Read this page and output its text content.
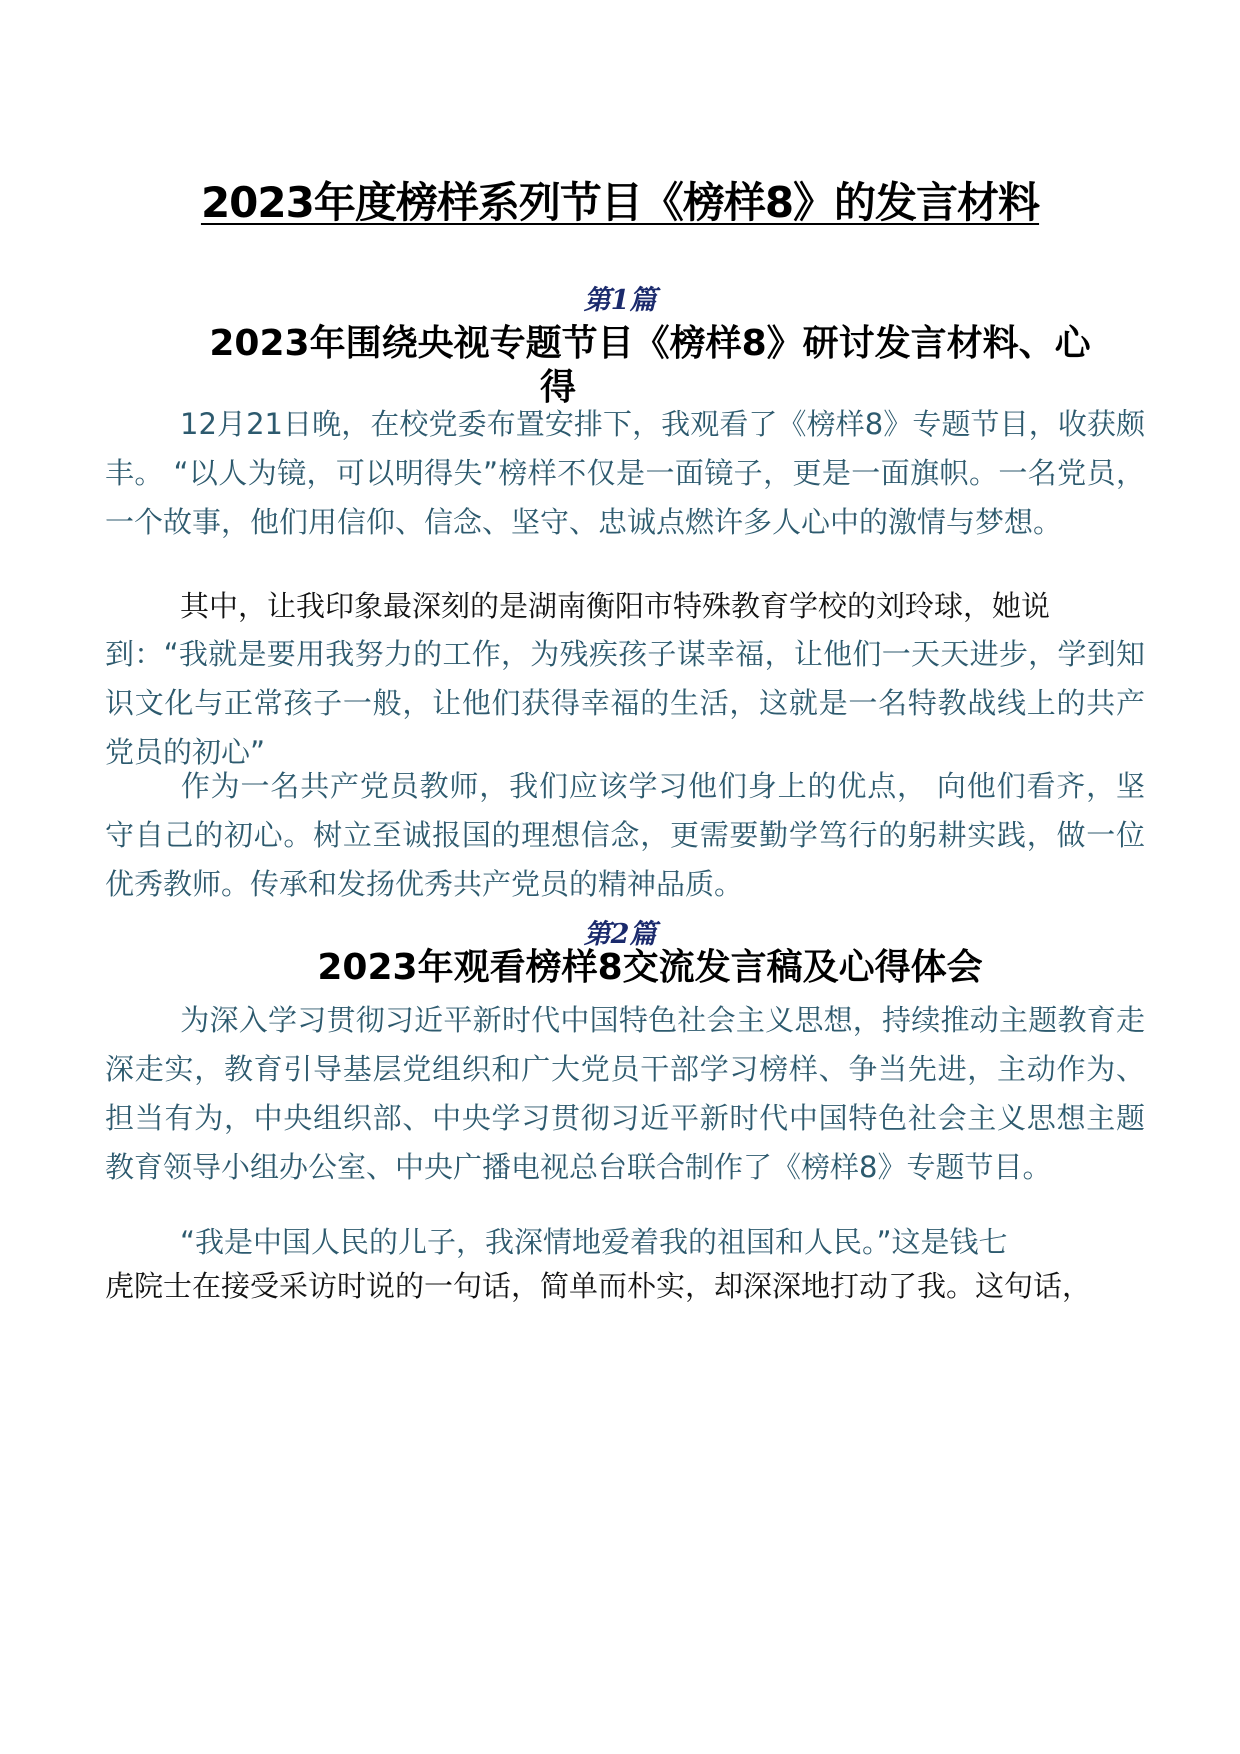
2023年度榜样系列节目《榜样8》的发言材料
第1篇
2023年围绕央视专题节目《榜样8》研讨发言材料、心
得
12月21日晚，在校党委布置安排下，我观看了《榜样8》专题节目，收获颇丰。 “以人为镜，可以明得失”榜样不仅是一面镜子，更是一面旗帜。一名党员， 一个故事，他们用信仰、信念、坚守、忠诚点燃许多人心中的激情与梦想。
其中，让我印象最深刻的是湖南衡阳市特殊教育学校的刘玲球，她说
到：“我就是要用我努力的工作，为残疾孩子谋幸福，让他们一天天进步，学到知识文化与正常孩子一般，让他们获得幸福的生活，这就是一名特教战线上的共产党员的初心”
作为一名共产党员教师，我们应该学习他们身上的优点， 向他们看齐，坚守自己的初心。树立至诚报国的理想信念，更需要勤学笃行的躬耕实践，做一位优秀教师。传承和发扬优秀共产党员的精神品质。
第2篇
2023年观看榜样8交流发言稿及心得体会
为深入学习贯彻习近平新时代中国特色社会主义思想，持续推动主题教育走深走实，教育引导基层党组织和广大党员干部学习榜样、争当先进，主动作为、担当有为，中央组织部、中央学习贯彻习近平新时代中国特色社会主义思想主题教育领导小组办公室、中央广播电视总台联合制作了《榜样8》专题节目。
“我是中国人民的儿子，我深情地爱着我的祖国和人民。”这是钱七
虎院士在接受采访时说的一句话，简单而朴实，却深深地打动了我。这句话，
